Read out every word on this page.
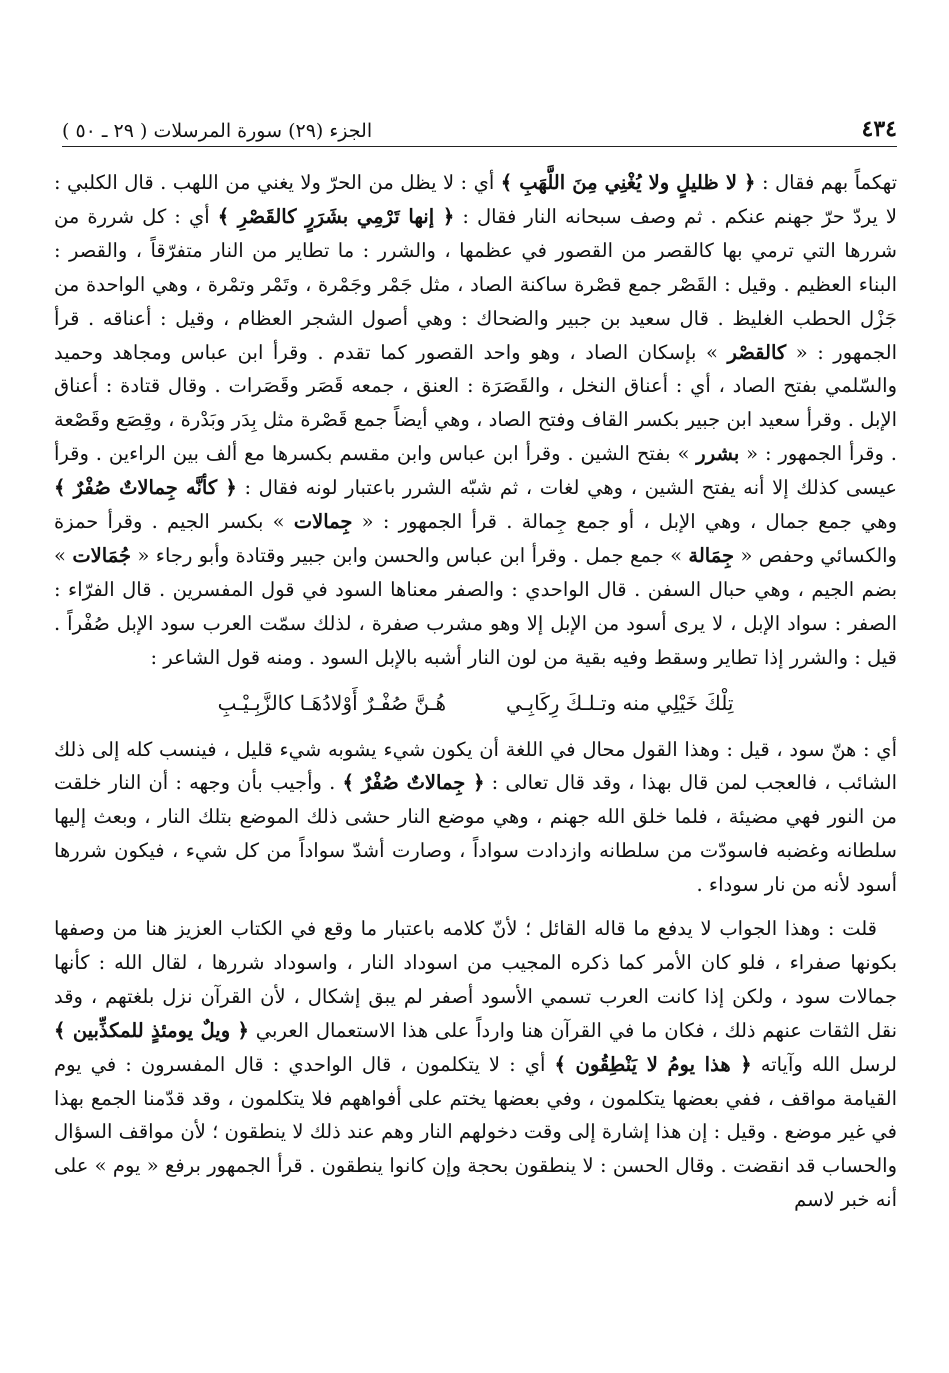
٤٣٤
الجزء (٢٩) سورة المرسلات ( ٢٩ ـ ٥٠ )

تهكماً بهم فقال : ﴿ لا ظليلٍ ولا يُغْنِي مِنَ اللَّهَبِ ﴾ أي : لا يظل من الحرّ ولا يغني من اللهب . قال الكلبي : لا يردّ حرّ جهنم عنكم . ثم وصف سبحانه النار فقال : ﴿ إنها تَرْمِي بشَرَرٍ كالقَصْرِ ﴾ أي : كل شررة من شررها التي ترمي بها كالقصر من القصور في عظمها ، والشرر : ما تطاير من النار متفرّقاً ، والقصر : البناء العظيم . وقيل : القَصْر جمع قصْرة ساكنة الصاد ، مثل جَمْر وجَمْرة ، وتَمْر وتمْرة ، وهي الواحدة من جَزْل الحطب الغليظ . قال سعيد بن جبير والضحاك : وهي أصول الشجر العظام ، وقيل : أعناقه . قرأ الجمهور : « كالقصْر » بإسكان الصاد ، وهو واحد القصور كما تقدم . وقرأ ابن عباس ومجاهد وحميد والسّلمي بفتح الصاد ، أي : أعناق النخل ، والقَصَرَة : العنق ، جمعه قَصَر وقَصَرات . وقال قتادة : أعناق الإبل . وقرأ سعيد ابن جبير بكسر القاف وفتح الصاد ، وهي أيضاً جمع قَصْرة مثل بِدَر وبَدْرة ، وقِصَع وقَصْعة . وقرأ الجمهور : « بشرر » بفتح الشين . وقرأ ابن عباس وابن مقسم بكسرها مع ألف بين الراءين . وقرأ عيسى كذلك إلا أنه يفتح الشين ، وهي لغات ، ثم شبّه الشرر باعتبار لونه فقال : ﴿ كأنَّه جِمالاتٌ صُفْرٌ ﴾ وهي جمع جمال ، وهي الإبل ، أو جمع جِمالة . قرأ الجمهور : « جِمالات » بكسر الجيم . وقرأ حمزة والكسائي وحفص « جِمَالة » جمع جمل . وقرأ ابن عباس والحسن وابن جبير وقتادة وأبو رجاء « جُمَالات » بضم الجيم ، وهي حبال السفن . قال الواحدي : والصفر معناها السود في قول المفسرين . قال الفرّاء : الصفر : سواد الإبل ، لا يرى أسود من الإبل إلا وهو مشرب صفرة ، لذلك سمّت العرب سود الإبل صُفْراً . قيل : والشرر إذا تطاير وسقط وفيه بقية من لون النار أشبه بالإبل السود . ومنه قول الشاعر :

تِلْكَ خَيْلِي منه وتـلـكَ رِكَابِـي
هُـنَّ صُفْـرٌ أَوْلادُهَـا كالزَّبِـيْـبِ

أي : هنّ سود ، قيل : وهذا القول محال في اللغة أن يكون شيء يشوبه شيء قليل ، فينسب كله إلى ذلك الشائب ، فالعجب لمن قال بهذا ، وقد قال تعالى : ﴿ جِمالاتٌ صُفْرٌ ﴾ . وأجيب بأن وجهه : أن النار خلقت من النور فهي مضيئة ، فلما خلق الله جهنم ، وهي موضع النار حشى ذلك الموضع بتلك النار ، وبعث إليها سلطانه وغضبه فاسودّت من سلطانه وازدادت سواداً ، وصارت أشدّ سواداً من كل شيء ، فيكون شررها أسود لأنه من نار سوداء .

قلت : وهذا الجواب لا يدفع ما قاله القائل ؛ لأنّ كلامه باعتبار ما وقع في الكتاب العزيز هنا من وصفها بكونها صفراء ، فلو كان الأمر كما ذكره المجيب من اسوداد النار ، واسوداد شررها ، لقال الله : كأنها جمالات سود ، ولكن إذا كانت العرب تسمي الأسود أصفر لم يبق إشكال ، لأن القرآن نزل بلغتهم ، وقد نقل الثقات عنهم ذلك ، فكان ما في القرآن هنا وارداً على هذا الاستعمال العربي ﴿ ويلٌ يومئذٍ للمكذِّبين ﴾ لرسل الله وآياته ﴿ هذا يومُ لا يَنْطِقُون ﴾ أي : لا يتكلمون ، قال الواحدي : قال المفسرون : في يوم القيامة مواقف ، ففي بعضها يتكلمون ، وفي بعضها يختم على أفواههم فلا يتكلمون ، وقد قدّمنا الجمع بهذا في غير موضع . وقيل : إن هذا إشارة إلى وقت دخولهم النار وهم عند ذلك لا ينطقون ؛ لأن مواقف السؤال والحساب قد انقضت . وقال الحسن : لا ينطقون بحجة وإن كانوا ينطقون . قرأ الجمهور برفع « يوم » على أنه خبر لاسم
